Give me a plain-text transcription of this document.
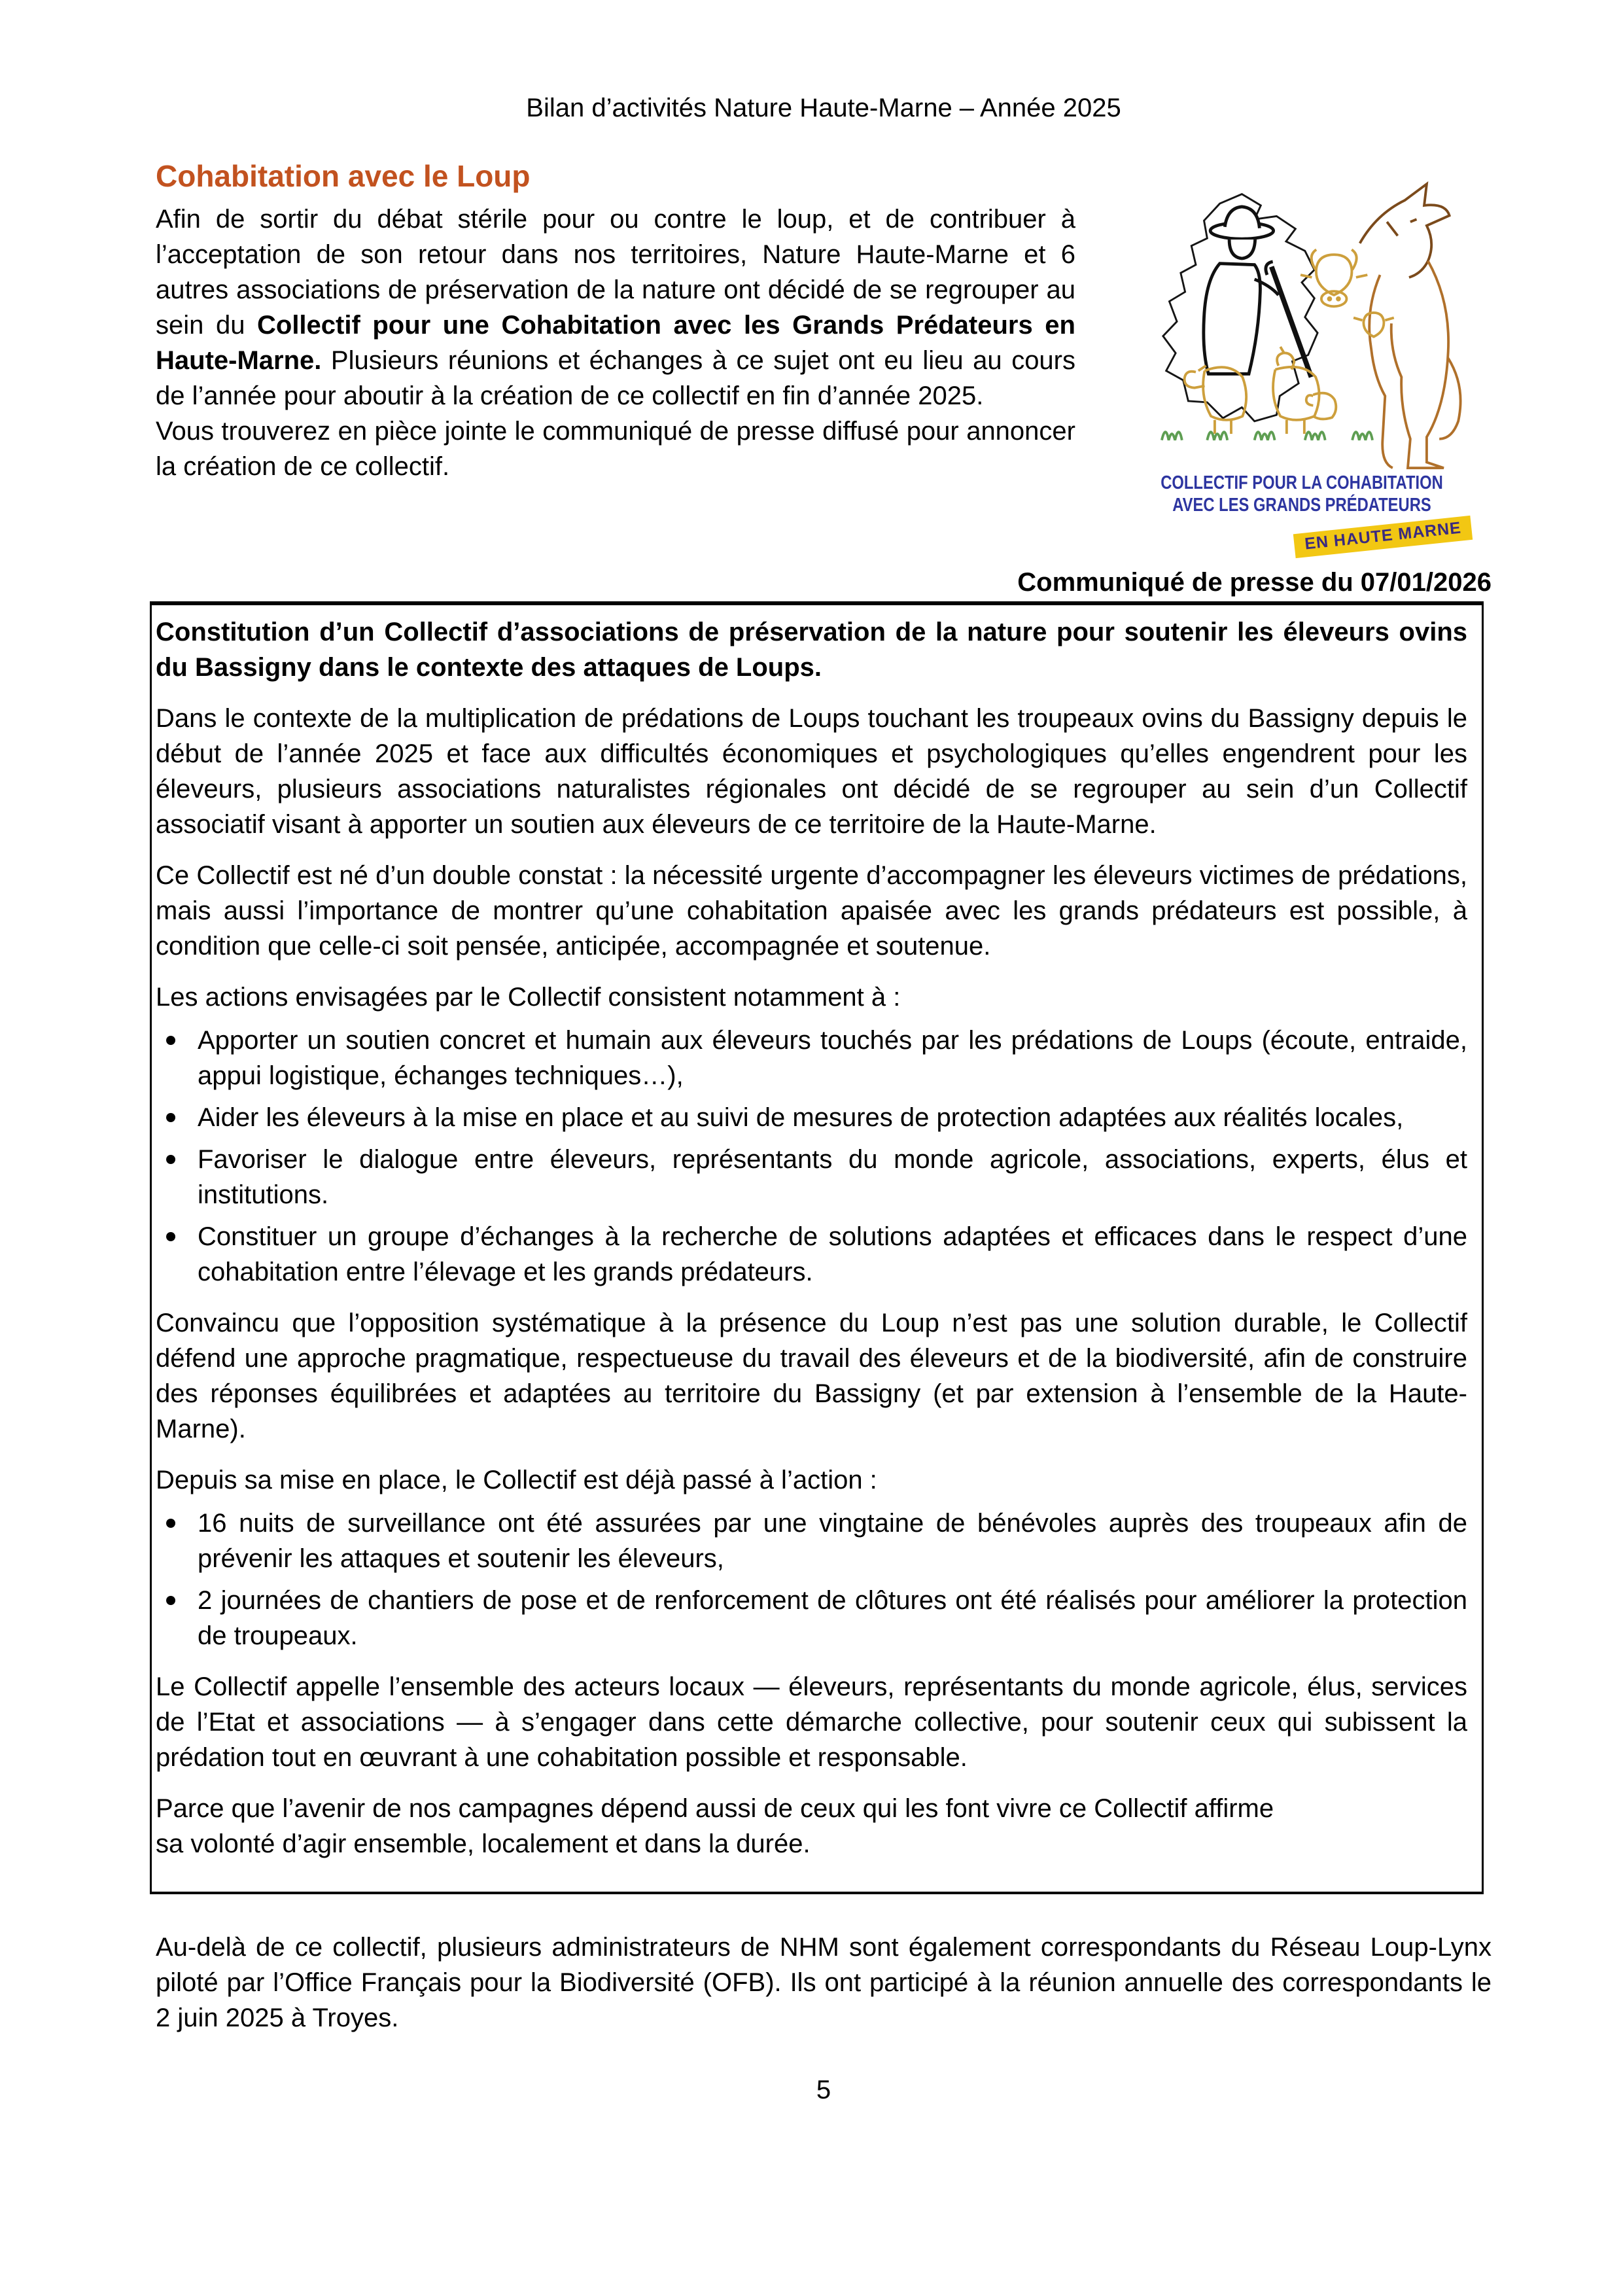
Bilan d’activités Nature Haute-Marne – Année 2025

Cohabitation avec le Loup
COLLECTIF POUR LA COHABITATION
AVEC LES GRANDS PRÉDATEURS
EN HAUTE MARNE

Afin de sortir du débat stérile pour ou contre le loup, et de contribuer à l’acceptation de son retour dans nos territoires, Nature Haute-Marne et 6 autres associations de préservation de la nature ont décidé de se regrouper au sein du Collectif pour une Cohabitation avec les Grands Prédateurs en Haute-Marne. Plusieurs réunions et échanges à ce sujet ont eu lieu au cours de l’année pour aboutir à la création de ce collectif en fin d’année 2025.

Vous trouverez en pièce jointe le communiqué de presse diffusé pour annoncer la création de ce collectif.

Communiqué de presse du 07/01/2026

Constitution d’un Collectif d’associations de préservation de la nature pour soutenir les éleveurs ovins du Bassigny dans le contexte des attaques de Loups.

Dans le contexte de la multiplication de prédations de Loups touchant les troupeaux ovins du Bassigny depuis le début de l’année 2025 et face aux difficultés économiques et psychologiques qu’elles engendrent pour les éleveurs, plusieurs associations naturalistes régionales ont décidé de se regrouper au sein d’un Collectif associatif visant à apporter un soutien aux éleveurs de ce territoire de la Haute-Marne.

Ce Collectif est né d’un double constat : la nécessité urgente d’accompagner les éleveurs victimes de prédations, mais aussi l’importance de montrer qu’une cohabitation apaisée avec les grands prédateurs est possible, à condition que celle-ci soit pensée, anticipée, accompagnée et soutenue.

Les actions envisagées par le Collectif consistent notamment à :

Apporter un soutien concret et humain aux éleveurs touchés par les prédations de Loups (écoute, entraide, appui logistique, échanges techniques…),
Aider les éleveurs à la mise en place et au suivi de mesures de protection adaptées aux réalités locales,
Favoriser le dialogue entre éleveurs, représentants du monde agricole, associations, experts, élus et institutions.
Constituer un groupe d’échanges à la recherche de solutions adaptées et efficaces dans le respect d’une cohabitation entre l’élevage et les grands prédateurs.

Convaincu que l’opposition systématique à la présence du Loup n’est pas une solution durable, le Collectif défend une approche pragmatique, respectueuse du travail des éleveurs et de la biodiversité, afin de construire des réponses équilibrées et adaptées au territoire du Bassigny (et par extension à l’ensemble de la Haute-Marne).

Depuis sa mise en place, le Collectif est déjà passé à l’action :

16 nuits de surveillance ont été assurées par une vingtaine de bénévoles auprès des troupeaux afin de prévenir les attaques et soutenir les éleveurs,
2 journées de chantiers de pose et de renforcement de clôtures ont été réalisés pour améliorer la protection de troupeaux.

Le Collectif appelle l’ensemble des acteurs locaux — éleveurs, représentants du monde agricole, élus, services de l’Etat et associations — à s’engager dans cette démarche collective, pour soutenir ceux qui subissent la prédation tout en œuvrant à une cohabitation possible et responsable.

Parce que l’avenir de nos campagnes dépend aussi de ceux qui les font vivre ce Collectif affirme
sa volonté d’agir ensemble, localement et dans la durée.

Au-delà de ce collectif, plusieurs administrateurs de NHM sont également correspondants du Réseau Loup-Lynx piloté par l’Office Français pour la Biodiversité (OFB). Ils ont participé à la réunion annuelle des correspondants le 2 juin 2025 à Troyes.

5
